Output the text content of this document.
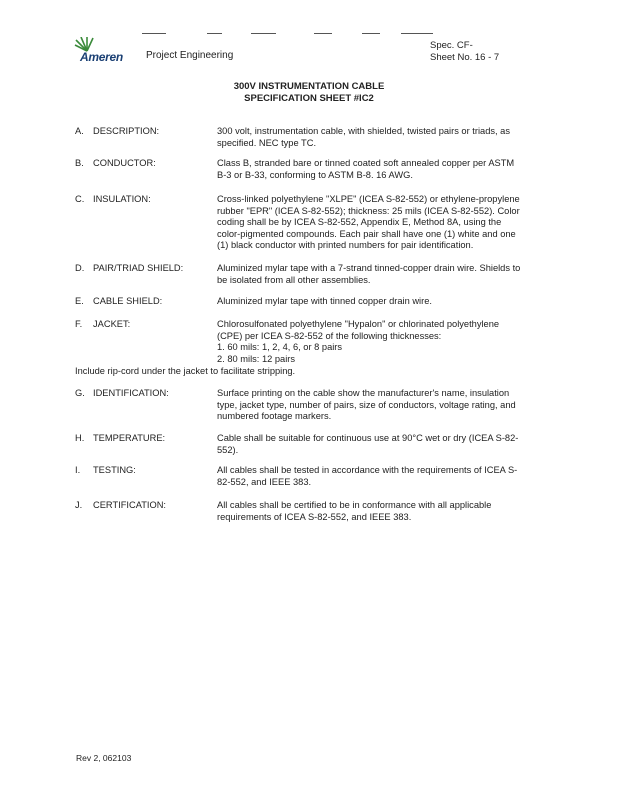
Ameren Project Engineering
Spec. CF-
Sheet No. 16 - 7
300V INSTRUMENTATION CABLE
SPECIFICATION SHEET #IC2
A. DESCRIPTION:	300 volt, instrumentation cable, with shielded, twisted pairs or triads, as
specified. NEC type TC.
B. CONDUCTOR:	Class B, stranded bare or tinned coated soft annealed copper per ASTM
B-3 or B-33, conforming to ASTM B-8. 16 AWG.
C. INSULATION:	Cross-linked polyethylene "XLPE" (ICEA S-82-552) or ethylene-propylene
rubber "EPR" (ICEA S-82-552); thickness: 25 mils (ICEA S-82-552). Color
coding shall be by ICEA S-82-552, Appendix E, Method 8A, using the
color-pigmented compounds. Each pair shall have one (1) white and one
(1) black conductor with printed numbers for pair identification.
D. PAIR/TRIAD SHIELD:	Aluminized mylar tape with a 7-strand tinned-copper drain wire. Shields to
be isolated from all other assemblies.
E. CABLE SHIELD:	Aluminized mylar tape with tinned copper drain wire.
F. JACKET:	Chlorosulfonated polyethylene "Hypalon" or chlorinated polyethylene
(CPE) per ICEA S-82-552 of the following thicknesses:
1. 60 mils: 1, 2, 4, 6, or 8 pairs
2. 80 mils: 12 pairs
Include rip-cord under the jacket to facilitate stripping.
G. IDENTIFICATION:	Surface printing on the cable show the manufacturer's name, insulation
type, jacket type, number of pairs, size of conductors, voltage rating, and
numbered footage markers.
H. TEMPERATURE:	Cable shall be suitable for continuous use at 90°C wet or dry (ICEA S-82-
552).
I. TESTING:	All cables shall be tested in accordance with the requirements of ICEA S-
82-552, and IEEE 383.
J. CERTIFICATION:	All cables shall be certified to be in conformance with all applicable
requirements of ICEA S-82-552, and IEEE 383.
Rev 2, 062103
